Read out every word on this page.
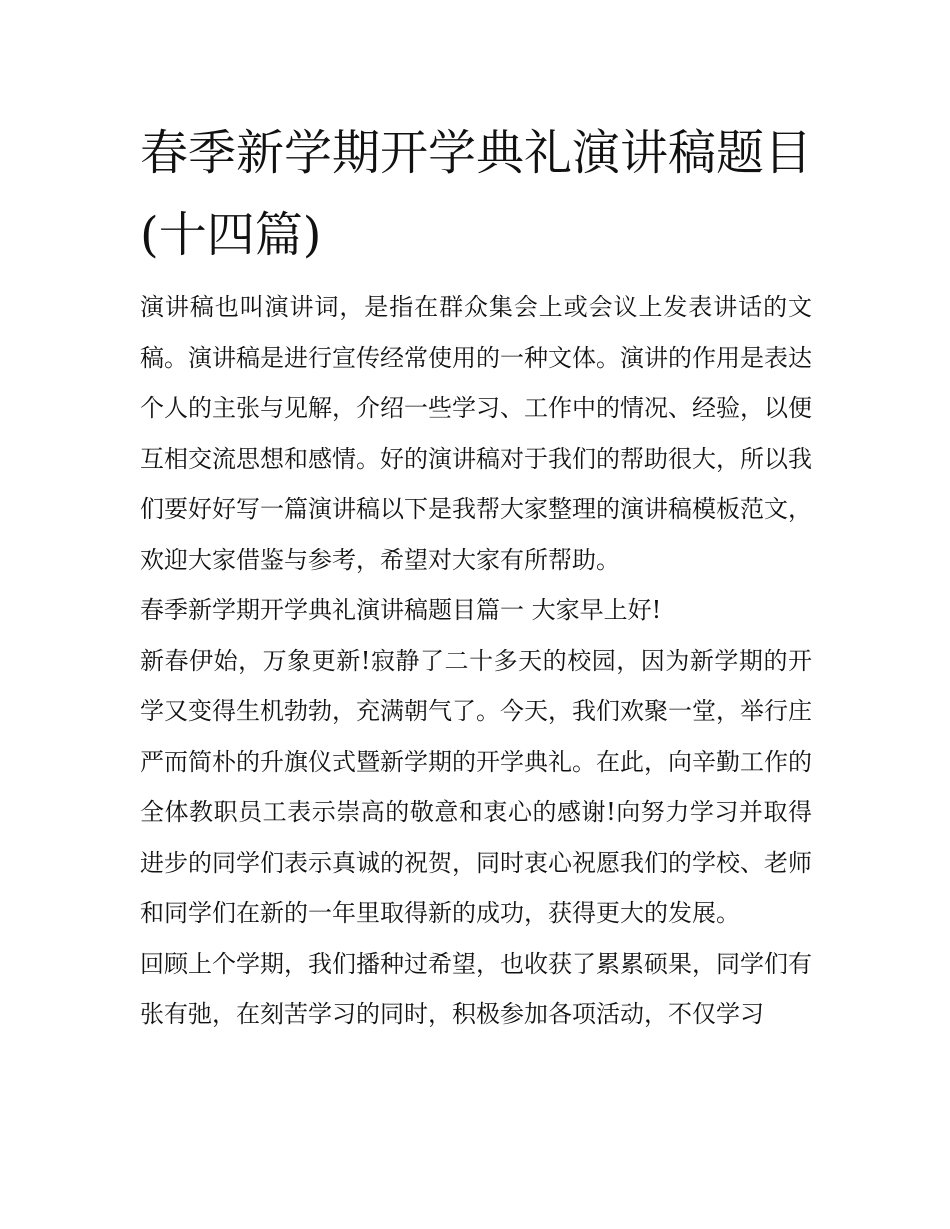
春季新学期开学典礼演讲稿题目(十四篇)

演讲稿也叫演讲词，是指在群众集会上或会议上发表讲话的文稿。演讲稿是进行宣传经常使用的一种文体。演讲的作用是表达个人的主张与见解，介绍一些学习、工作中的情况、经验，以便互相交流思想和感情。好的演讲稿对于我们的帮助很大，所以我们要好好写一篇演讲稿以下是我帮大家整理的演讲稿模板范文，欢迎大家借鉴与参考，希望对大家有所帮助。

春季新学期开学典礼演讲稿题目篇一 大家早上好!

新春伊始，万象更新!寂静了二十多天的校园，因为新学期的开学又变得生机勃勃，充满朝气了。今天，我们欢聚一堂，举行庄严而简朴的升旗仪式暨新学期的开学典礼。在此，向辛勤工作的全体教职员工表示崇高的敬意和衷心的感谢!向努力学习并取得进步的同学们表示真诚的祝贺，同时衷心祝愿我们的学校、老师和同学们在新的一年里取得新的成功，获得更大的发展。

回顾上个学期，我们播种过希望，也收获了累累硕果，同学们有张有弛，在刻苦学习的同时，积极参加各项活动，不仅学习
